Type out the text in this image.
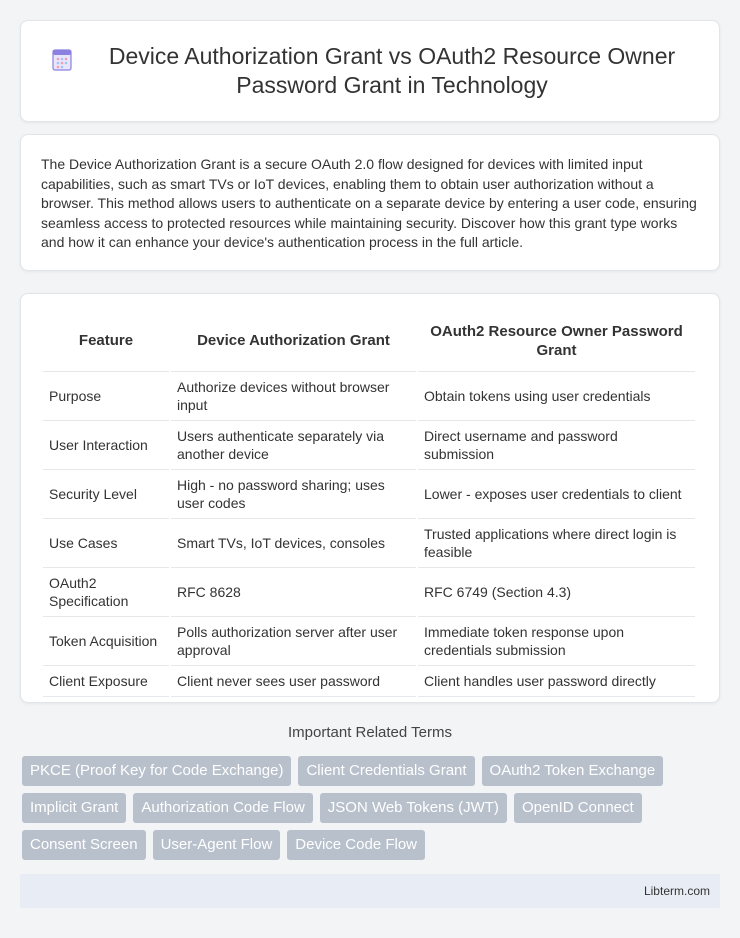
Device Authorization Grant vs OAuth2 Resource Owner Password Grant in Technology

The Device Authorization Grant is a secure OAuth 2.0 flow designed for devices with limited input capabilities, such as smart TVs or IoT devices, enabling them to obtain user authorization without a browser. This method allows users to authenticate on a separate device by entering a user code, ensuring seamless access to protected resources while maintaining security. Discover how this grant type works and how it can enhance your device's authentication process in the full article.

Feature	Device Authorization Grant	OAuth2 Resource Owner Password Grant
Purpose	Authorize devices without browser input	Obtain tokens using user credentials
User Interaction	Users authenticate separately via another device	Direct username and password submission
Security Level	High - no password sharing; uses user codes	Lower - exposes user credentials to client
Use Cases	Smart TVs, IoT devices, consoles	Trusted applications where direct login is feasible
OAuth2 Specification	RFC 8628	RFC 6749 (Section 4.3)
Token Acquisition	Polls authorization server after user approval	Immediate token response upon credentials submission
Client Exposure	Client never sees user password	Client handles user password directly
Important Related Terms
PKCE (Proof Key for Code Exchange)	Client Credentials Grant	OAuth2 Token Exchange
Implicit Grant	Authorization Code Flow	JSON Web Tokens (JWT)	OpenID Connect
Consent Screen	User-Agent Flow	Device Code Flow
Libterm.com
